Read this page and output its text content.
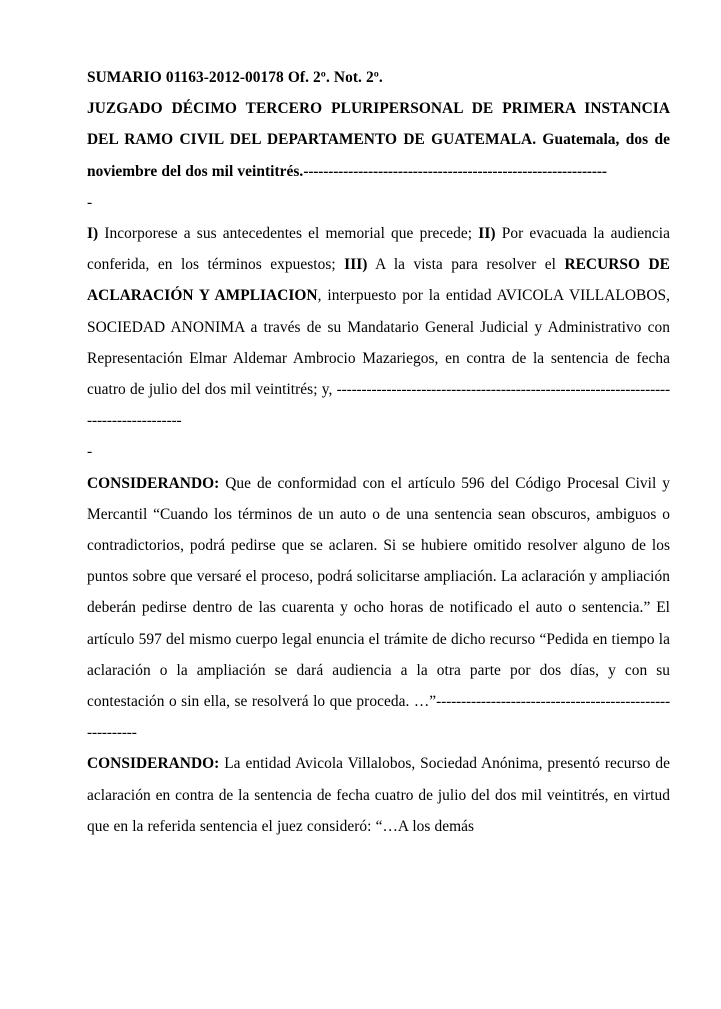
SUMARIO 01163-2012-00178 Of. 2º. Not. 2º.

JUZGADO DÉCIMO TERCERO PLURIPERSONAL DE PRIMERA INSTANCIA DEL RAMO CIVIL DEL DEPARTAMENTO DE GUATEMALA. Guatemala, dos de noviembre del dos mil veintitrés.-------------------------------------------------------------

-

I) Incorporese a sus antecedentes el memorial que precede; II) Por evacuada la audiencia conferida, en los términos expuestos; III) A la vista para resolver el RECURSO DE ACLARACIÓN Y AMPLIACION, interpuesto por la entidad AVICOLA VILLALOBOS, SOCIEDAD ANONIMA a través de su Mandatario General Judicial y Administrativo con Representación Elmar Aldemar Ambrocio Mazariegos, en contra de la sentencia de fecha cuatro de julio del dos mil veintitrés; y, --------------------------------------------------------------------------------------

-

CONSIDERANDO: Que de conformidad con el artículo 596 del Código Procesal Civil y Mercantil “Cuando los términos de un auto o de una sentencia sean obscuros, ambiguos o contradictorios, podrá pedirse que se aclaren. Si se hubiere omitido resolver alguno de los puntos sobre que versaré el proceso, podrá solicitarse ampliación. La aclaración y ampliación deberán pedirse dentro de las cuarenta y ocho horas de notificado el auto o sentencia.” El artículo 597 del mismo cuerpo legal enuncia el trámite de dicho recurso “Pedida en tiempo la aclaración o la ampliación se dará audiencia a la otra parte por dos días, y con su contestación o sin ella, se resolverá lo que proceda. …”---------------------------------------------------------

CONSIDERANDO: La entidad Avicola Villalobos, Sociedad Anónima, presentó recurso de aclaración en contra de la sentencia de fecha cuatro de julio del dos mil veintitrés, en virtud que en la referida sentencia el juez consideró: “…A los demás
